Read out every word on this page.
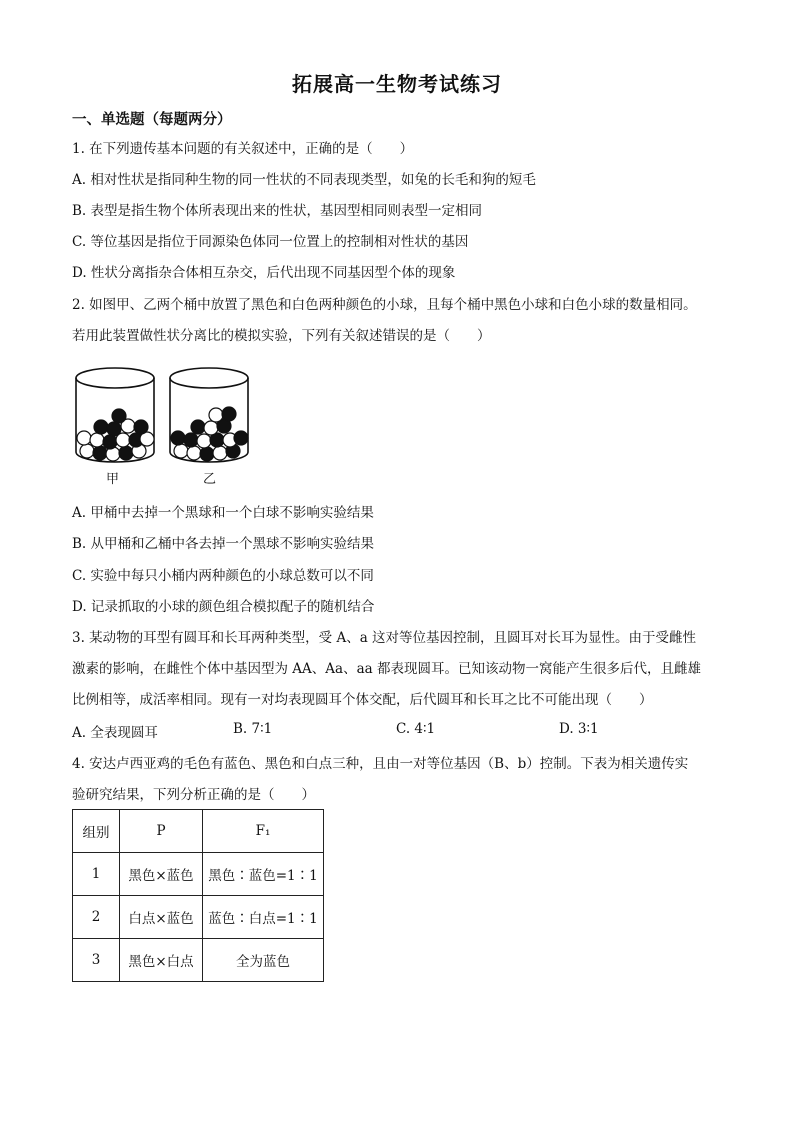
拓展高一生物考试练习
一、单选题（每题两分）
1. 在下列遗传基本问题的有关叙述中，正确的是（　　）
A. 相对性状是指同种生物的同一性状的不同表现类型，如兔的长毛和狗的短毛
B. 表型是指生物个体所表现出来的性状，基因型相同则表型一定相同
C. 等位基因是指位于同源染色体同一位置上的控制相对性状的基因
D. 性状分离指杂合体相互杂交，后代出现不同基因型个体的现象
2. 如图甲、乙两个桶中放置了黑色和白色两种颜色的小球，且每个桶中黑色小球和白色小球的数量相同。
若用此装置做性状分离比的模拟实验，下列有关叙述错误的是（　　）
甲	乙
A. 甲桶中去掉一个黑球和一个白球不影响实验结果
B. 从甲桶和乙桶中各去掉一个黑球不影响实验结果
C. 实验中每只小桶内两种颜色的小球总数可以不同
D. 记录抓取的小球的颜色组合模拟配子的随机结合
3. 某动物的耳型有圆耳和长耳两种类型，受 A、a 这对等位基因控制，且圆耳对长耳为显性。由于受雌性
激素的影响，在雌性个体中基因型为 AA、Aa、aa 都表现圆耳。已知该动物一窝能产生很多后代，且雌雄
比例相等，成活率相同。现有一对均表现圆耳个体交配，后代圆耳和长耳之比不可能出现（　　）
A. 全表现圆耳	B. 7∶1	C. 4∶1	D. 3∶1
4. 安达卢西亚鸡的毛色有蓝色、黑色和白点三种，且由一对等位基因（B、b）控制。下表为相关遗传实
验研究结果，下列分析正确的是（　　）
组别	P	F₁
1	黑色×蓝色	黑色∶蓝色=1∶1
2	白点×蓝色	蓝色∶白点=1∶1
3	黑色×白点	全为蓝色
